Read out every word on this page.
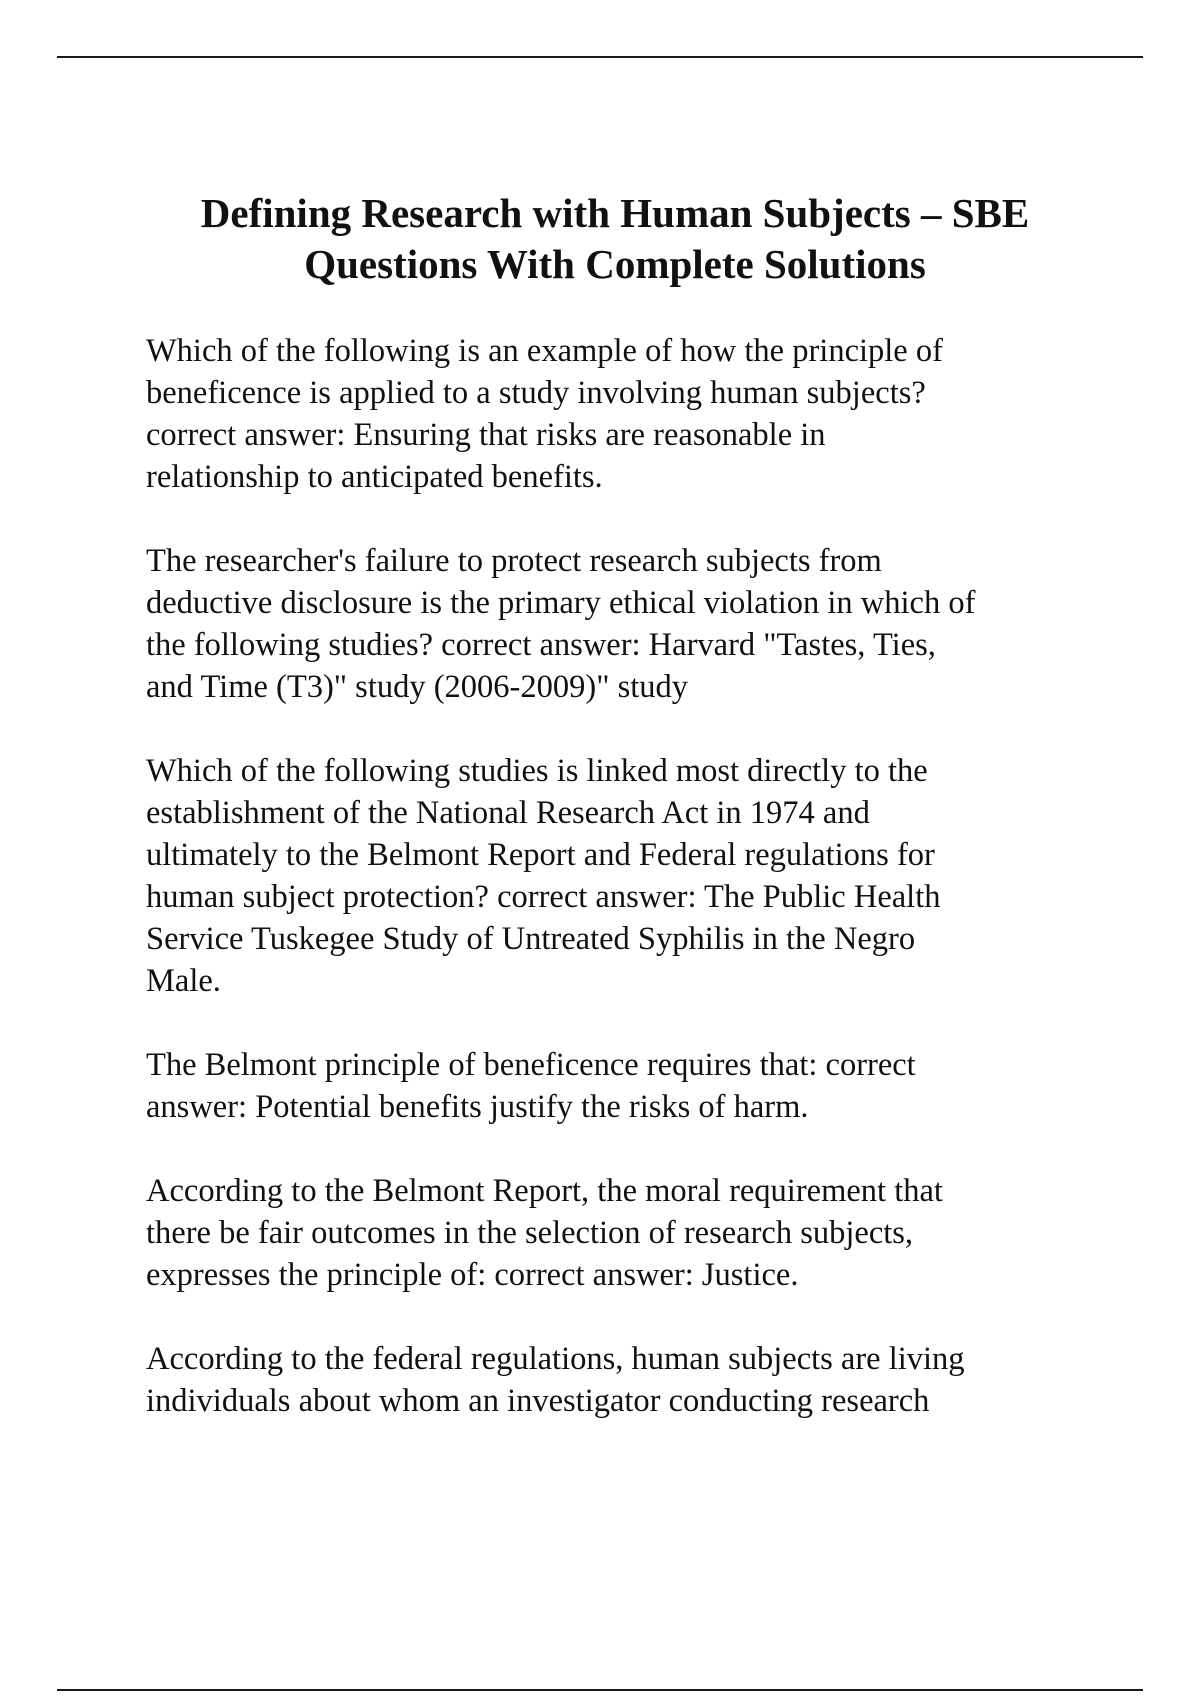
Defining Research with Human Subjects – SBE
Questions With Complete Solutions

Which of the following is an example of how the principle of
beneficence is applied to a study involving human subjects?
correct answer: Ensuring that risks are reasonable in
relationship to anticipated benefits.

The researcher's failure to protect research subjects from
deductive disclosure is the primary ethical violation in which of
the following studies? correct answer: Harvard "Tastes, Ties,
and Time (T3)" study (2006-2009)" study

Which of the following studies is linked most directly to the
establishment of the National Research Act in 1974 and
ultimately to the Belmont Report and Federal regulations for
human subject protection? correct answer: The Public Health
Service Tuskegee Study of Untreated Syphilis in the Negro
Male.

The Belmont principle of beneficence requires that: correct
answer: Potential benefits justify the risks of harm.

According to the Belmont Report, the moral requirement that
there be fair outcomes in the selection of research subjects,
expresses the principle of: correct answer: Justice.

According to the federal regulations, human subjects are living
individuals about whom an investigator conducting research
